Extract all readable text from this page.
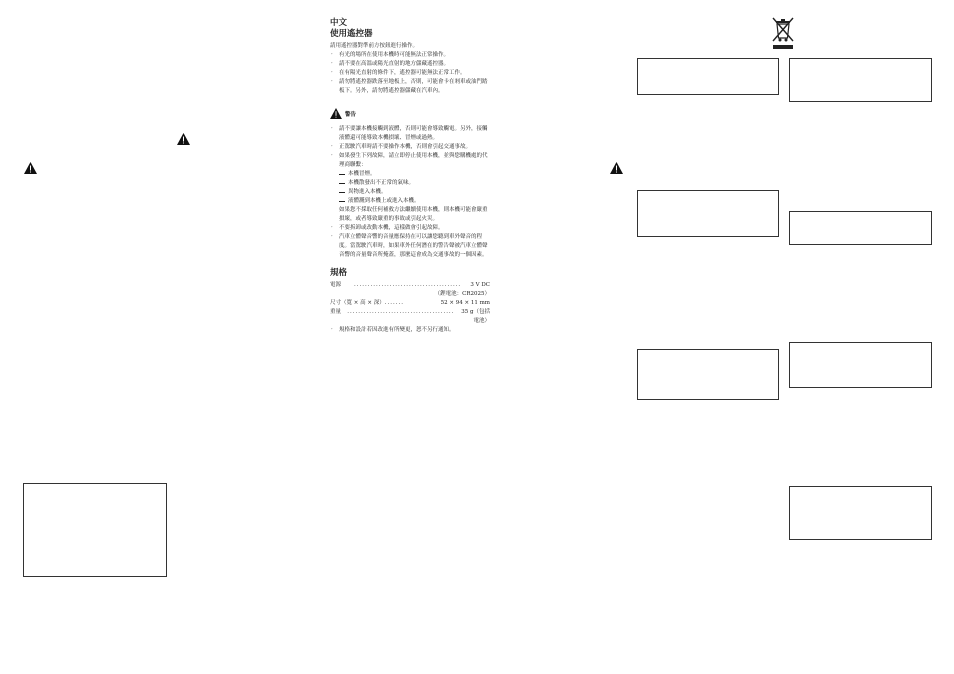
中文

使用遙控器

請用遙控器對準前方按鈕進行操作。

· 有光的場所在使用本機時可能無法正常操作。
· 請不要在高溫或陽光直射的地方儲藏遙控器。
· 在有陽光直射的條件下，遙控器可能無法正常工作。
· 請勿將遙控器跌落至地板上，否則，可能會卡在剎車或油門踏板下。另外，請勿將遙控器儲藏在汽車內。
警告
· 請不要讓本機接觸到液體，否則可能會導致觸電。另外，接觸液體還可能導致本機損壞、冒煙或過熱。
· 正駕駛汽車時請不要操作本機，否則會引起交通事故。
· 如果發生下列故障，請立即停止使用本機，並與您購機處的代理商聯繫：
本機冒煙。
本機散發出不正常的氣味。
異物進入本機。
液體濺到本機上或進入本機。

如果您不採取任何補救方法繼續使用本機，則本機可能會嚴重損壞，或者導致嚴重的事故或引起火災。

· 不要拆卸或改動本機，這樣做會引起故障。
· 汽車立體聲音響的音量應保持在可以讓您聽到車外聲音的程度。當駕駛汽車時，如果車外任何潛在的警告聲被汽車立體聲音響的音量聲音所掩蓋，那麼這會成為交通事故的一個因素。

規格

電源	.......................................	3 V DC
（鋰電池：CR2025）
尺寸（寬 × 高 × 深） .......	52 × 94 × 11 mm
重量	.......................................	35 g（包括電池）
· 規格和設計若因改進有所變更，恕不另行通知。
